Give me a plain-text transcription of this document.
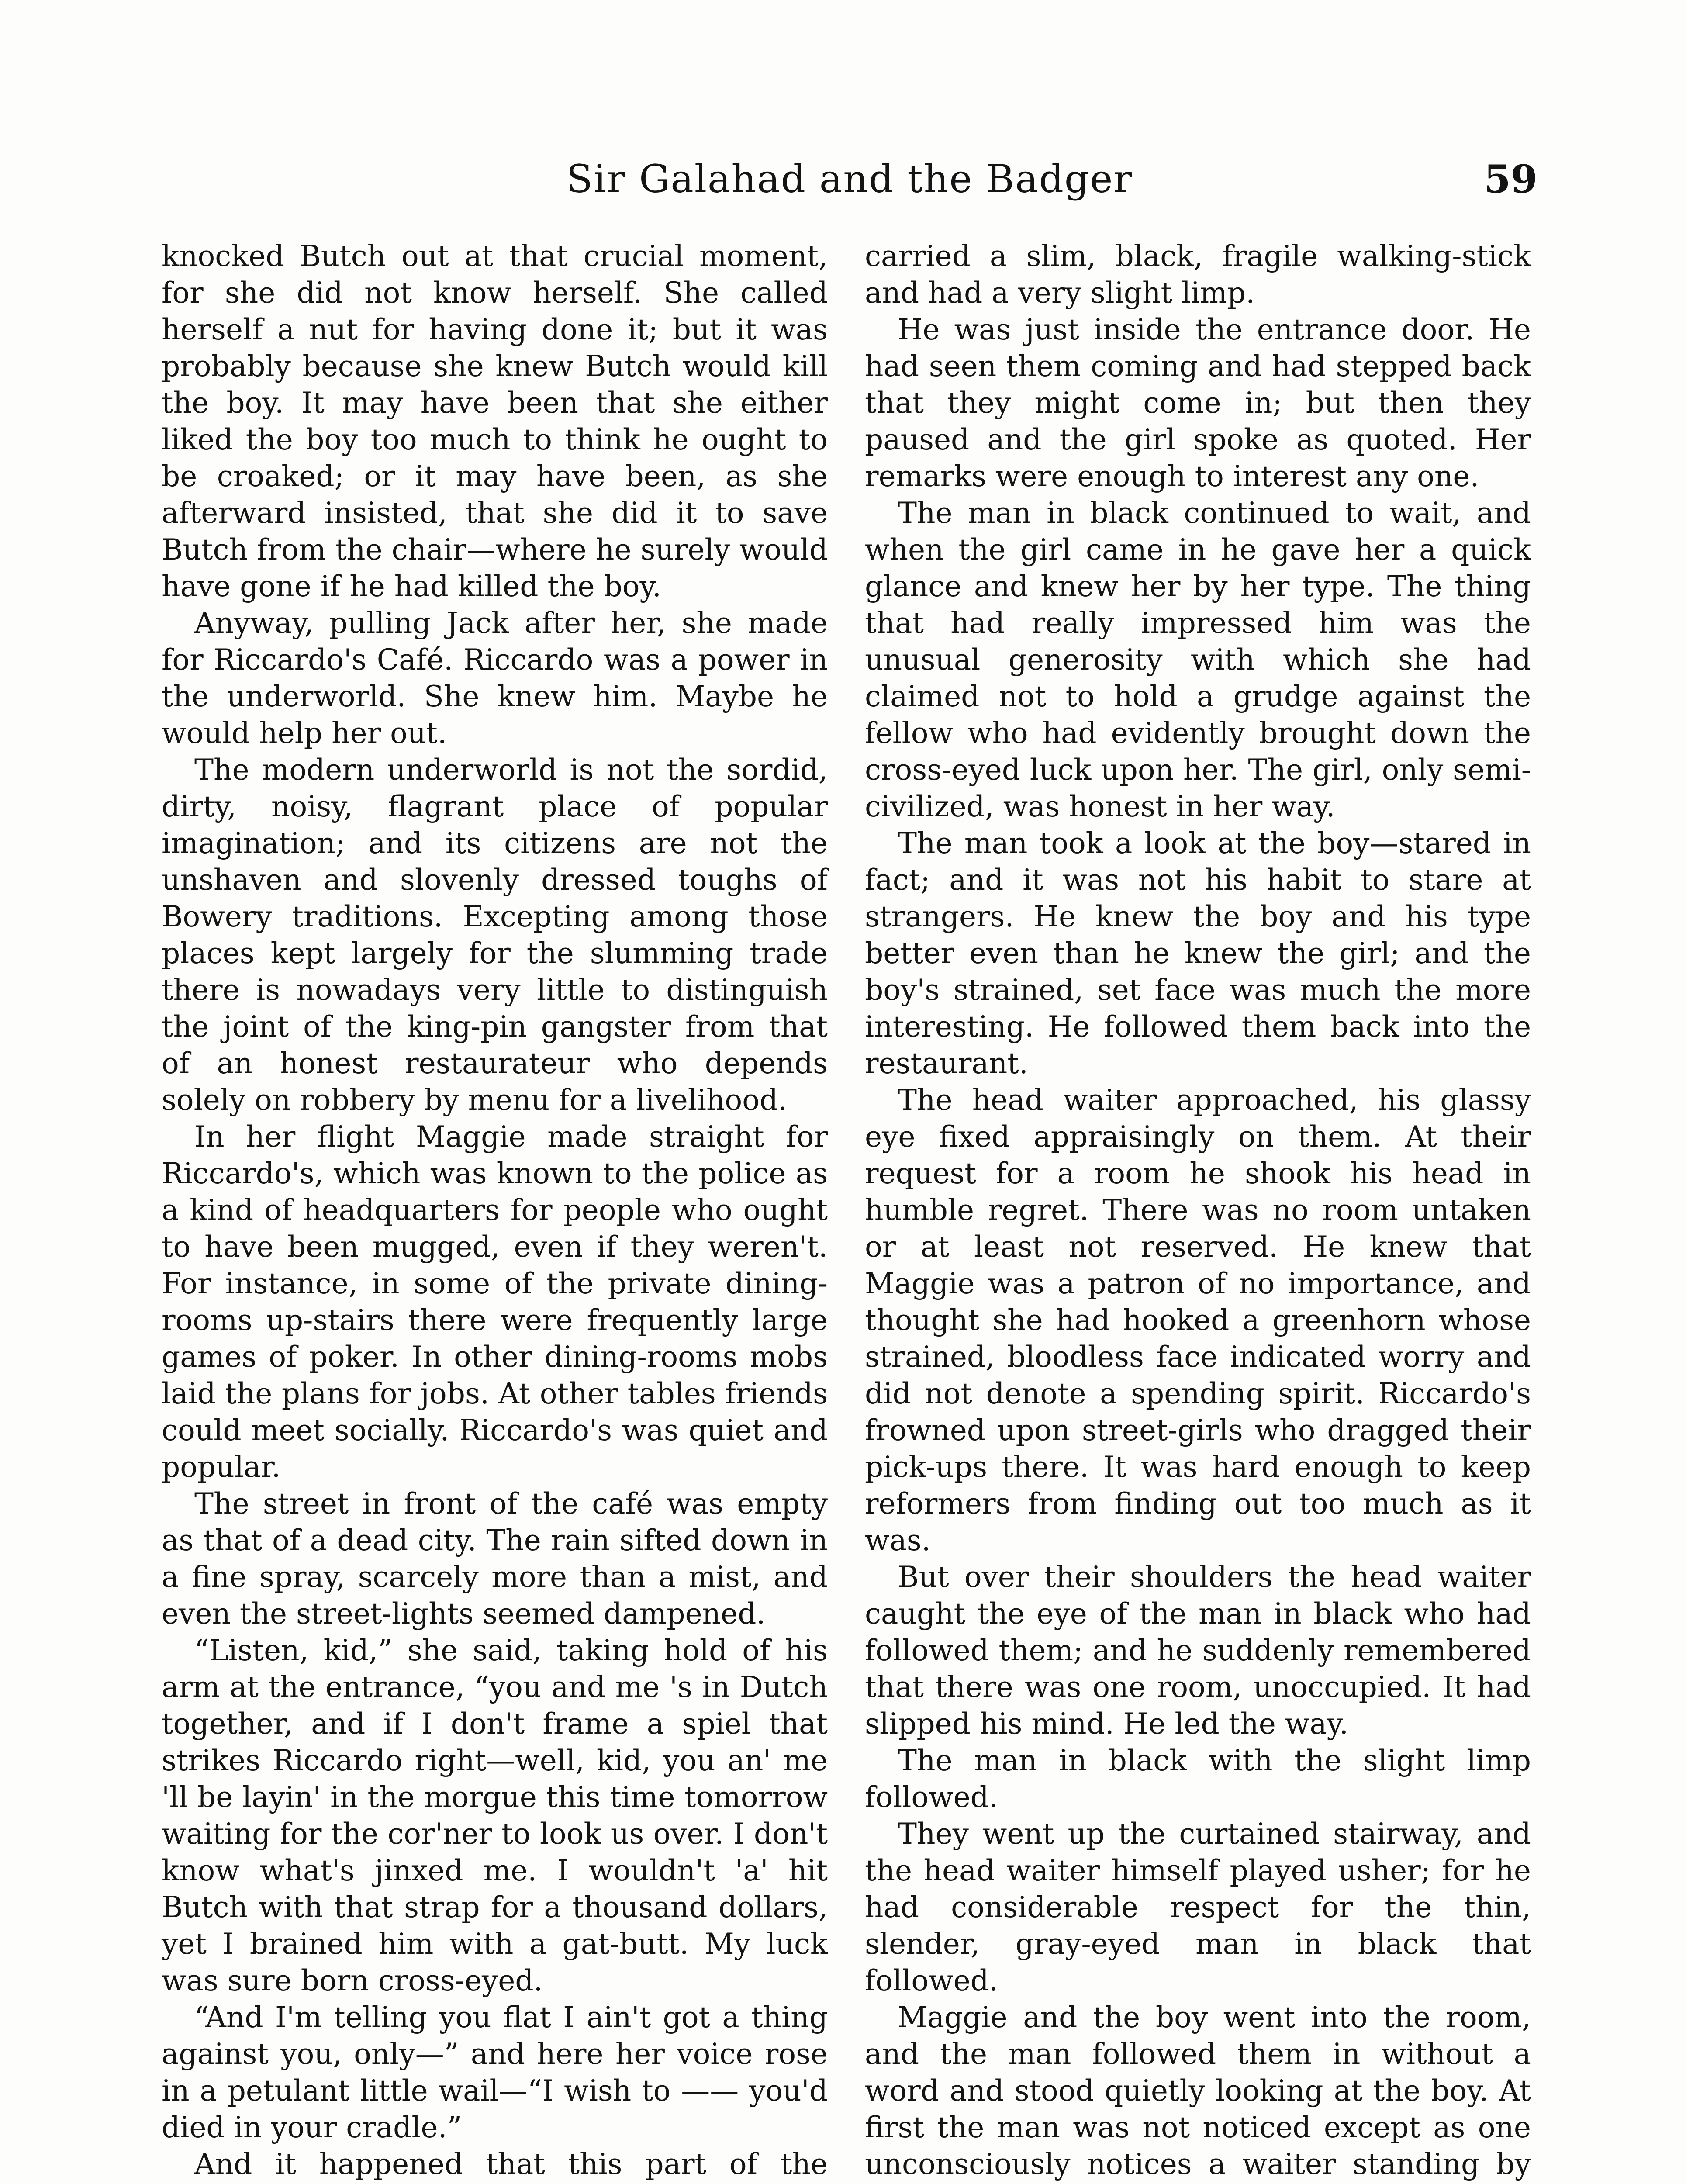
Sir Galahad and the Badger	59

knocked Butch out at that crucial moment, for she did not know herself. She called herself a nut for having done it; but it was probably because she knew Butch would kill the boy. It may have been that she either liked the boy too much to think he ought to be croaked; or it may have been, as she afterward insisted, that she did it to save Butch from the chair—where he surely would have gone if he had killed the boy.

Anyway, pulling Jack after her, she made for Riccardo's Café. Riccardo was a power in the underworld. She knew him. Maybe he would help her out.

The modern underworld is not the sordid, dirty, noisy, flagrant place of popular imagination; and its citizens are not the unshaven and slovenly dressed toughs of Bowery traditions. Excepting among those places kept largely for the slumming trade there is nowadays very little to distinguish the joint of the king-pin gangster from that of an honest restaurateur who depends solely on robbery by menu for a livelihood.

In her flight Maggie made straight for Riccardo's, which was known to the police as a kind of headquarters for people who ought to have been mugged, even if they weren't. For instance, in some of the private dining-rooms up-stairs there were frequently large games of poker. In other dining-rooms mobs laid the plans for jobs. At other tables friends could meet socially. Riccardo's was quiet and popular.

The street in front of the café was empty as that of a dead city. The rain sifted down in a fine spray, scarcely more than a mist, and even the street-lights seemed dampened.

“Listen, kid,” she said, taking hold of his arm at the entrance, “you and me 's in Dutch together, and if I don't frame a spiel that strikes Riccardo right—well, kid, you an' me 'll be layin' in the morgue this time tomorrow waiting for the cor'ner to look us over. I don't know what's jinxed me. I wouldn't 'a' hit Butch with that strap for a thousand dollars, yet I brained him with a gat-butt. My luck was sure born cross-eyed.

“And I'm telling you flat I ain't got a thing against you, only—” and here her voice rose in a petulant little wail—“I wish to —— you'd died in your cradle.”

And it happened that this part of the

carried a slim, black, fragile walking-stick and had a very slight limp.

He was just inside the entrance door. He had seen them coming and had stepped back that they might come in; but then they paused and the girl spoke as quoted. Her remarks were enough to interest any one.

The man in black continued to wait, and when the girl came in he gave her a quick glance and knew her by her type. The thing that had really impressed him was the unusual generosity with which she had claimed not to hold a grudge against the fellow who had evidently brought down the cross-eyed luck upon her. The girl, only semi-civilized, was honest in her way.

The man took a look at the boy—stared in fact; and it was not his habit to stare at strangers. He knew the boy and his type better even than he knew the girl; and the boy's strained, set face was much the more interesting. He followed them back into the restaurant.

The head waiter approached, his glassy eye fixed appraisingly on them. At their request for a room he shook his head in humble regret. There was no room untaken or at least not reserved. He knew that Maggie was a patron of no importance, and thought she had hooked a greenhorn whose strained, bloodless face indicated worry and did not denote a spending spirit. Riccardo's frowned upon street-girls who dragged their pick-ups there. It was hard enough to keep reformers from finding out too much as it was.

But over their shoulders the head waiter caught the eye of the man in black who had followed them; and he suddenly remembered that there was one room, unoccupied. It had slipped his mind. He led the way.

The man in black with the slight limp followed.

They went up the curtained stairway, and the head waiter himself played usher; for he had considerable respect for the thin, slender, gray-eyed man in black that followed.

Maggie and the boy went into the room, and the man followed them in without a word and stood quietly looking at the boy. At first the man was not noticed except as one unconsciously notices a waiter standing by
